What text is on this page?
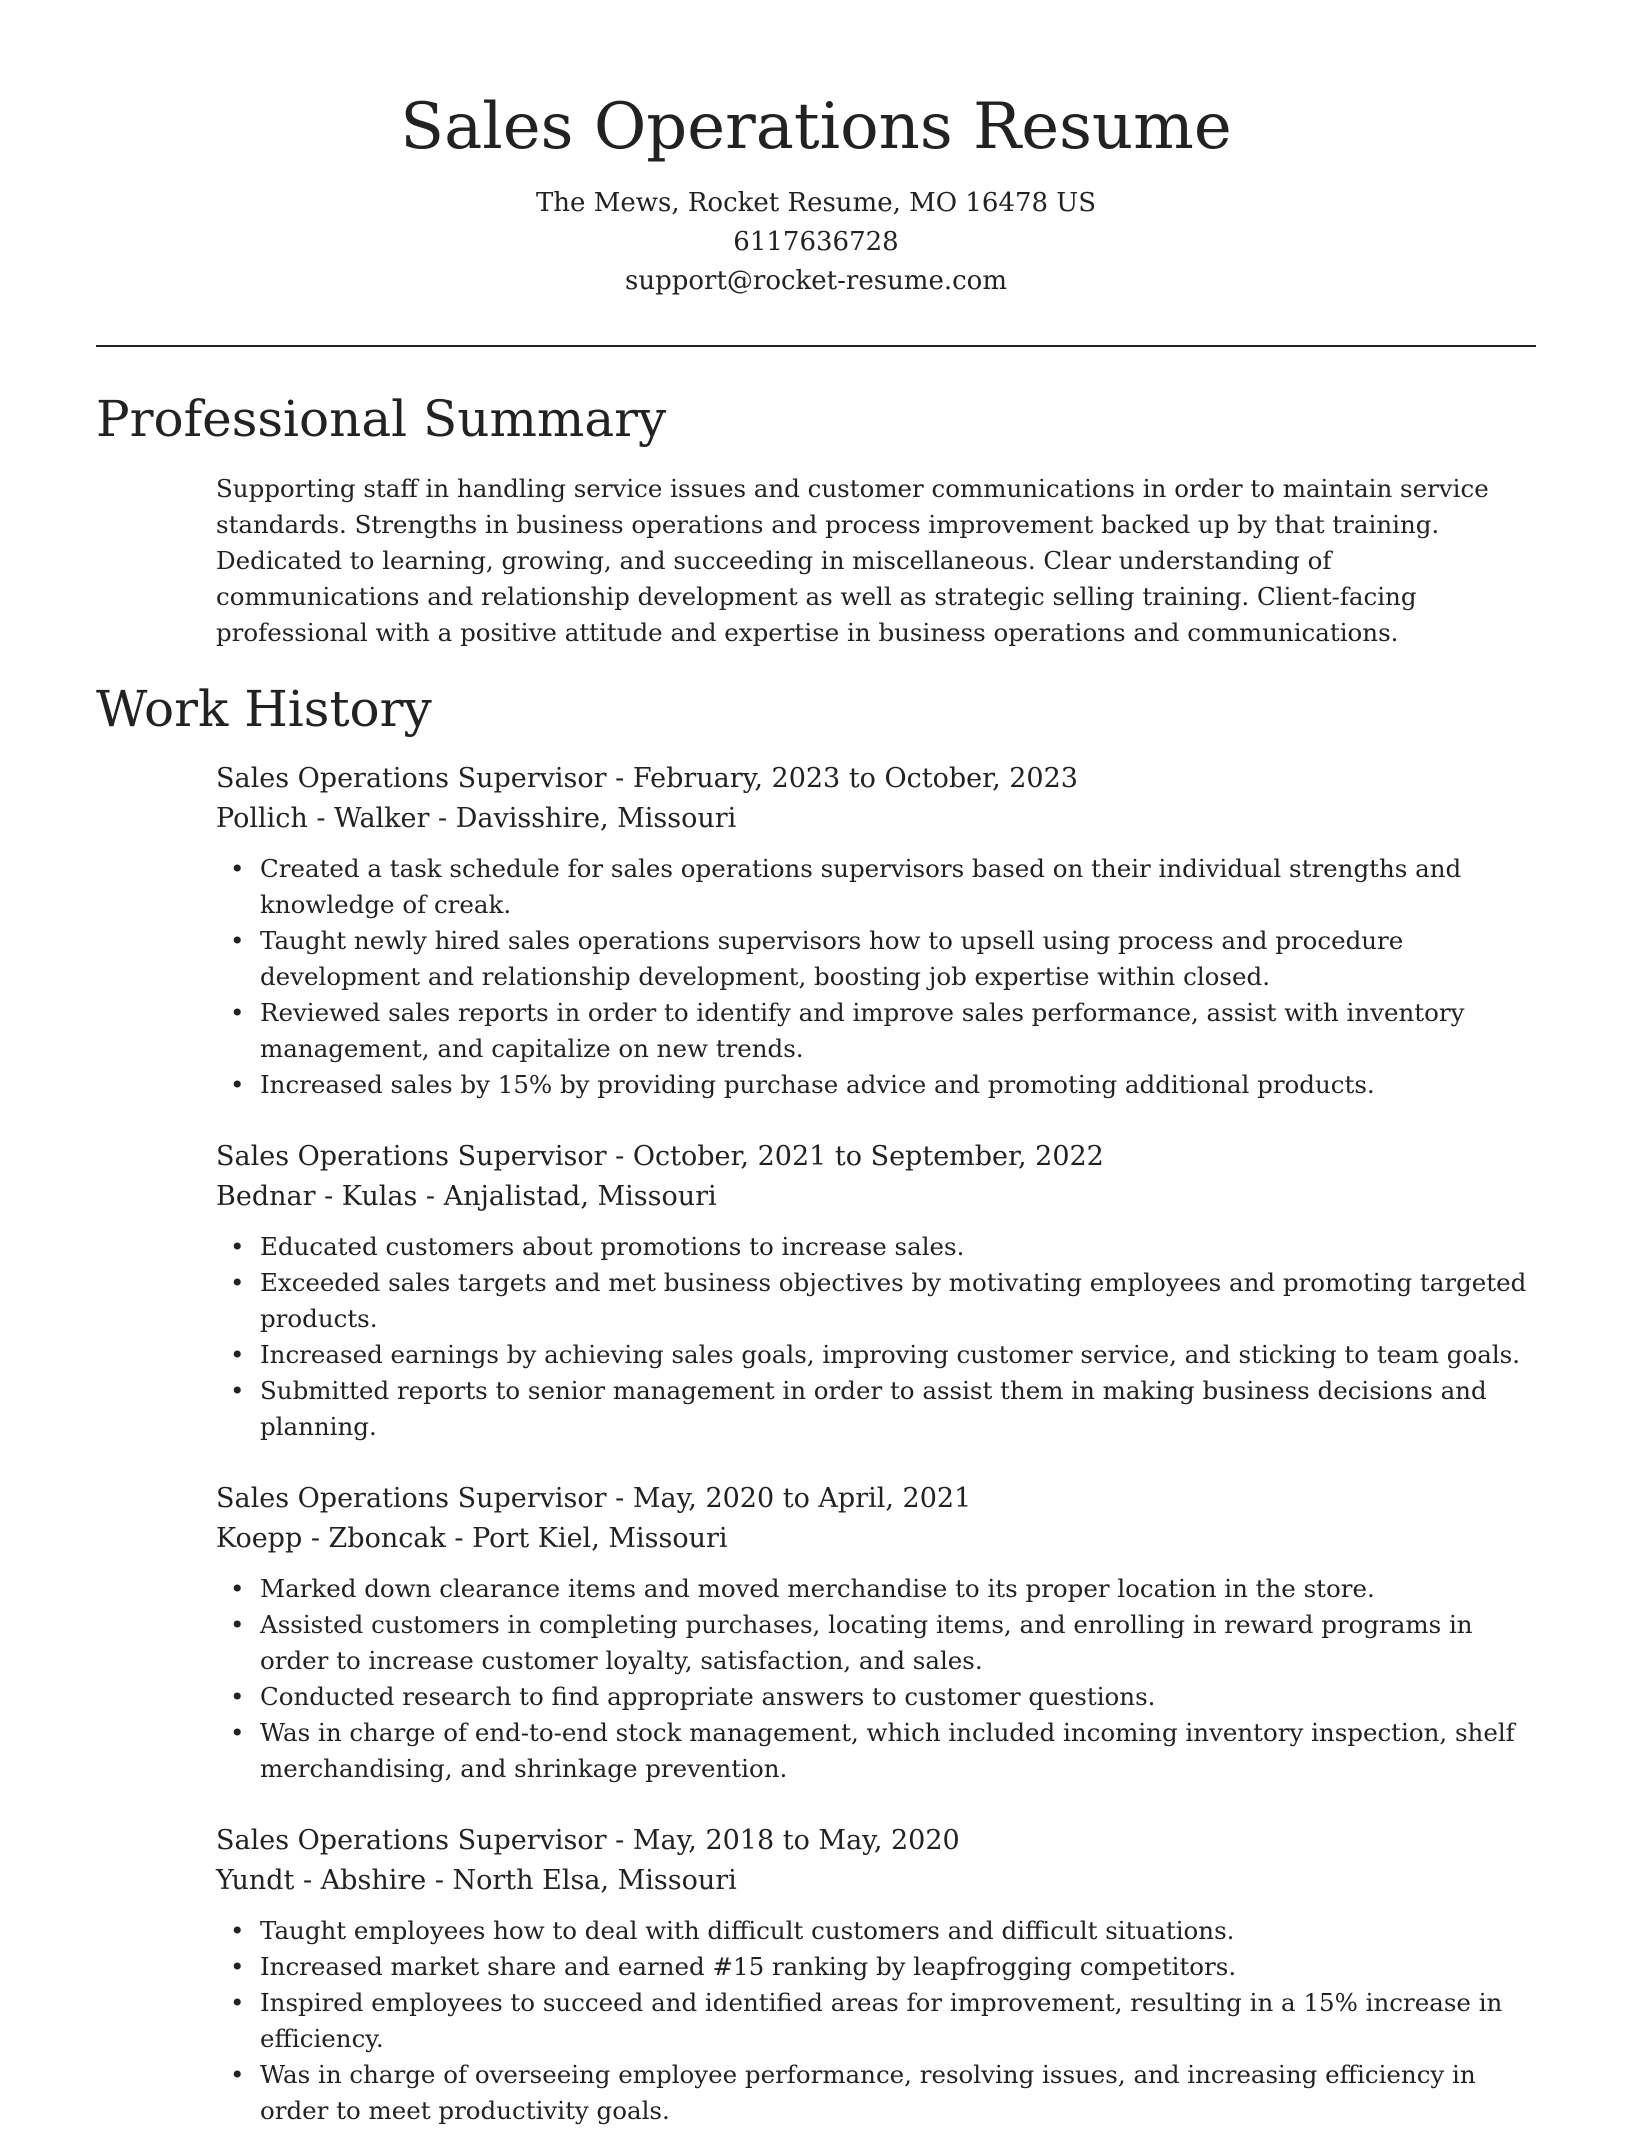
Sales Operations Resume
The Mews, Rocket Resume, MO 16478 US
6117636728
support@rocket-resume.com
Professional Summary

Supporting staff in handling service issues and customer communications in order to maintain service standards. Strengths in business operations and process improvement backed up by that training. Dedicated to learning, growing, and succeeding in miscellaneous. Clear understanding of communications and relationship development as well as strategic selling training. Client-facing professional with a positive attitude and expertise in business operations and communications.

Work History
Sales Operations Supervisor - February, 2023 to October, 2023
Pollich - Walker - Davisshire, Missouri
• Created a task schedule for sales operations supervisors based on their individual strengths and knowledge of creak.
• Taught newly hired sales operations supervisors how to upsell using process and procedure development and relationship development, boosting job expertise within closed.
• Reviewed sales reports in order to identify and improve sales performance, assist with inventory management, and capitalize on new trends.
• Increased sales by 15% by providing purchase advice and promoting additional products.
Sales Operations Supervisor - October, 2021 to September, 2022
Bednar - Kulas - Anjalistad, Missouri
• Educated customers about promotions to increase sales.
• Exceeded sales targets and met business objectives by motivating employees and promoting targeted products.
• Increased earnings by achieving sales goals, improving customer service, and sticking to team goals.
• Submitted reports to senior management in order to assist them in making business decisions and planning.
Sales Operations Supervisor - May, 2020 to April, 2021
Koepp - Zboncak - Port Kiel, Missouri
• Marked down clearance items and moved merchandise to its proper location in the store.
• Assisted customers in completing purchases, locating items, and enrolling in reward programs in order to increase customer loyalty, satisfaction, and sales.
• Conducted research to find appropriate answers to customer questions.
• Was in charge of end-to-end stock management, which included incoming inventory inspection, shelf merchandising, and shrinkage prevention.
Sales Operations Supervisor - May, 2018 to May, 2020
Yundt - Abshire - North Elsa, Missouri
• Taught employees how to deal with difficult customers and difficult situations.
• Increased market share and earned #15 ranking by leapfrogging competitors.
• Inspired employees to succeed and identified areas for improvement, resulting in a 15% increase in efficiency.
• Was in charge of overseeing employee performance, resolving issues, and increasing efficiency in order to meet productivity goals.
